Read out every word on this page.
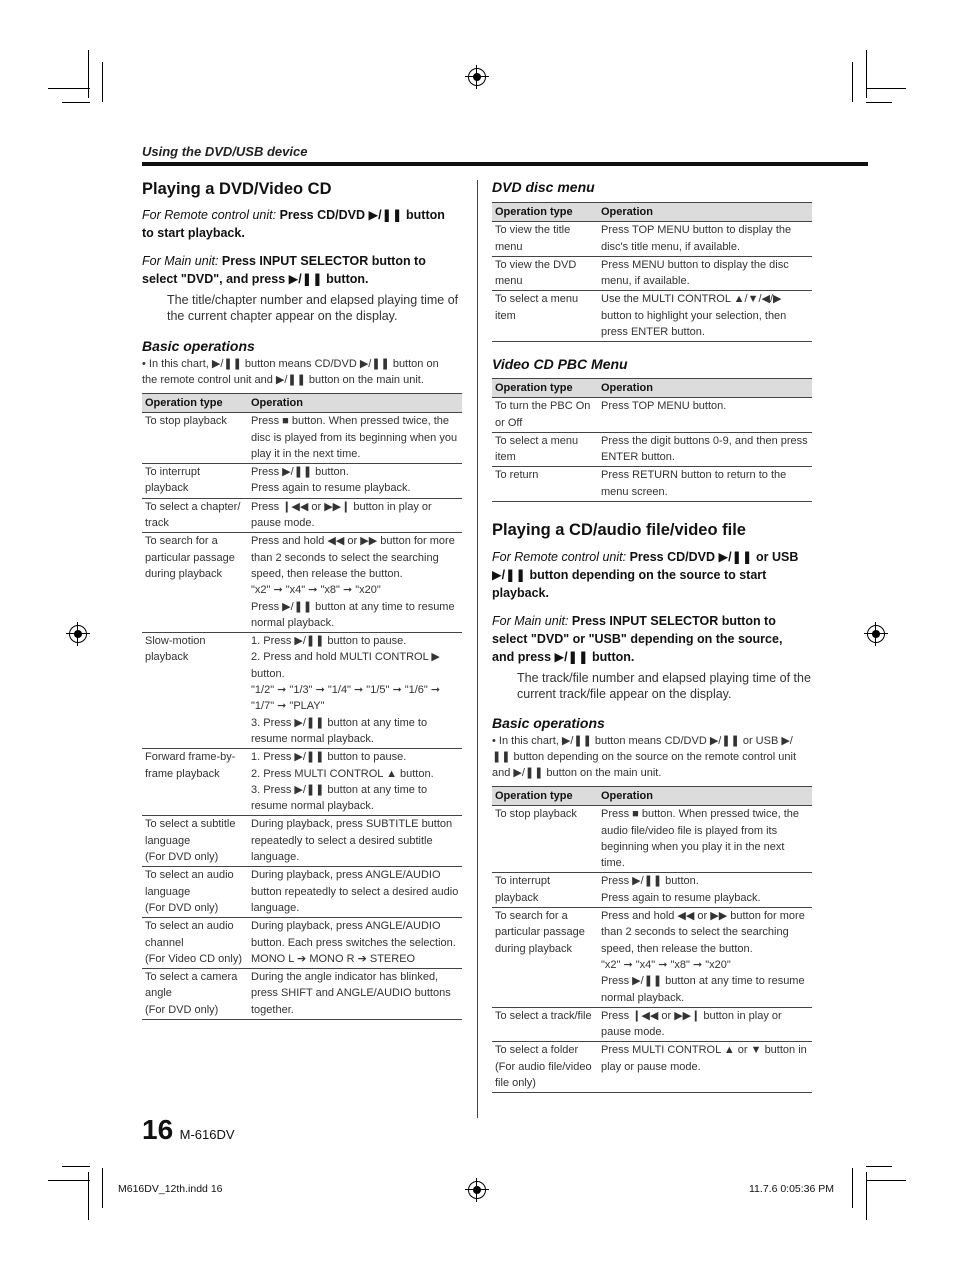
Using the DVD/USB device
Playing a DVD/Video CD
For Remote control unit: Press CD/DVD ▶/❚❚ button to start playback.
For Main unit: Press INPUT SELECTOR button to select "DVD", and press ▶/❚❚ button.
The title/chapter number and elapsed playing time of the current chapter appear on the display.
Basic operations
• In this chart, ▶/❚❚ button means CD/DVD ▶/❚❚ button on the remote control unit and ▶/❚❚ button on the main unit.
Operation type	Operation
To stop playback	Press ■ button. When pressed twice, the disc is played from its beginning when you play it in the next time.
To interrupt playback	Press ▶/❚❚ button.
Press again to resume playback.
To select a chapter/ track	Press ❙◀◀ or ▶▶❙ button in play or pause mode.
To search for a particular passage during playback	Press and hold ◀◀ or ▶▶ button for more than 2 seconds to select the searching speed, then release the button.
"x2" ➞ "x4" ➞ "x8" ➞ "x20"
Press ▶/❚❚ button at any time to resume normal playback.
Slow-motion playback	1. Press ▶/❚❚ button to pause.
2. Press and hold MULTI CONTROL ▶ button.
"1/2" ➞ "1/3" ➞ "1/4" ➞ "1/5" ➞ "1/6" ➞ "1/7" ➞ "PLAY"
3. Press ▶/❚❚ button at any time to resume normal playback.
Forward frame-by-frame playback	1. Press ▶/❚❚ button to pause.
2. Press MULTI CONTROL ▲ button.
3. Press ▶/❚❚ button at any time to resume normal playback.
To select a subtitle language
(For DVD only)	During playback, press SUBTITLE button repeatedly to select a desired subtitle language.
To select an audio language
(For DVD only)	During playback, press ANGLE/AUDIO button repeatedly to select a desired audio language.
To select an audio channel
(For Video CD only)	During playback, press ANGLE/AUDIO button. Each press switches the selection.
MONO L ➔ MONO R ➔ STEREO
To select a camera angle
(For DVD only)	During the angle indicator has blinked, press SHIFT and ANGLE/AUDIO buttons together.
DVD disc menu
Operation type	Operation
To view the title menu	Press TOP MENU button to display the disc's title menu, if available.
To view the DVD menu	Press MENU button to display the disc menu, if available.
To select a menu item	Use the MULTI CONTROL ▲/▼/◀/▶ button to highlight your selection, then press ENTER button.
Video CD PBC Menu
Operation type	Operation
To turn the PBC On or Off	Press TOP MENU button.
To select a menu item	Press the digit buttons 0-9, and then press ENTER button.
To return	Press RETURN button to return to the menu screen.
Playing a CD/audio file/video file
For Remote control unit: Press CD/DVD ▶/❚❚ or USB ▶/❚❚ button depending on the source to start playback.
For Main unit: Press INPUT SELECTOR button to select "DVD" or "USB" depending on the source, and press ▶/❚❚ button.
The track/file number and elapsed playing time of the current track/file appear on the display.
Basic operations
• In this chart, ▶/❚❚ button means CD/DVD ▶/❚❚ or USB ▶/❚❚ button depending on the source on the remote control unit and ▶/❚❚ button on the main unit.
Operation type	Operation
To stop playback	Press ■ button. When pressed twice, the audio file/video file is played from its beginning when you play it in the next time.
To interrupt playback	Press ▶/❚❚ button.
Press again to resume playback.
To search for a particular passage during playback	Press and hold ◀◀ or ▶▶ button for more than 2 seconds to select the searching speed, then release the button.
"x2" ➞ "x4" ➞ "x8" ➞ "x20"
Press ▶/❚❚ button at any time to resume normal playback.
To select a track/file	Press ❙◀◀ or ▶▶❙ button in play or pause mode.
To select a folder
(For audio file/video file only)	Press MULTI CONTROL ▲ or ▼ button in play or pause mode.
16 M-616DV
M616DV_12th.indd 16	11.7.6 0:05:36 PM
